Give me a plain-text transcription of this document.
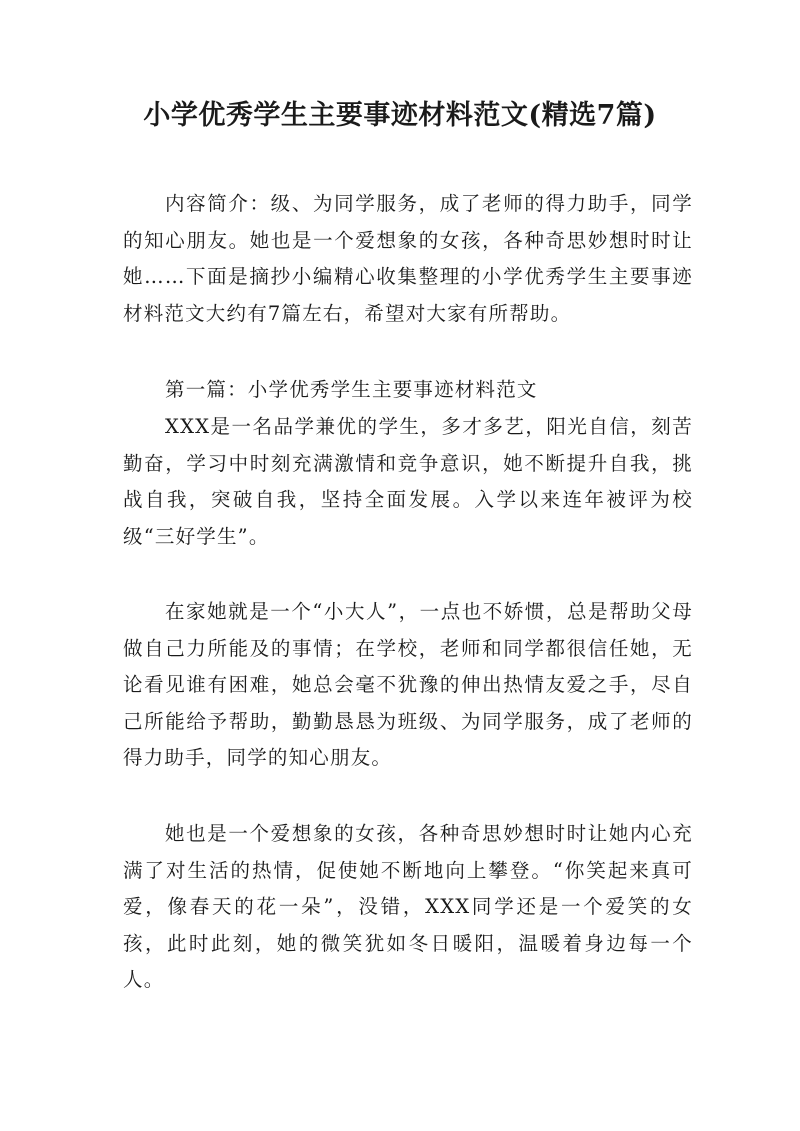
小学优秀学生主要事迹材料范文(精选7篇)

内容简介：级、为同学服务，成了老师的得力助手，同学的知心朋友。她也是一个爱想象的女孩，各种奇思妙想时时让她……下面是摘抄小编精心收集整理的小学优秀学生主要事迹材料范文大约有7篇左右，希望对大家有所帮助。

第一篇：小学优秀学生主要事迹材料范文

XXX是一名品学兼优的学生，多才多艺，阳光自信，刻苦勤奋，学习中时刻充满激情和竞争意识，她不断提升自我，挑战自我，突破自我，坚持全面发展。入学以来连年被评为校级“三好学生”。

在家她就是一个“小大人”，一点也不娇惯，总是帮助父母做自己力所能及的事情；在学校，老师和同学都很信任她，无论看见谁有困难，她总会毫不犹豫的伸出热情友爱之手，尽自己所能给予帮助，勤勤恳恳为班级、为同学服务，成了老师的得力助手，同学的知心朋友。

她也是一个爱想象的女孩，各种奇思妙想时时让她内心充满了对生活的热情，促使她不断地向上攀登。“你笑起来真可爱，像春天的花一朵”，没错，XXX同学还是一个爱笑的女孩，此时此刻，她的微笑犹如冬日暖阳，温暖着身边每一个人。
